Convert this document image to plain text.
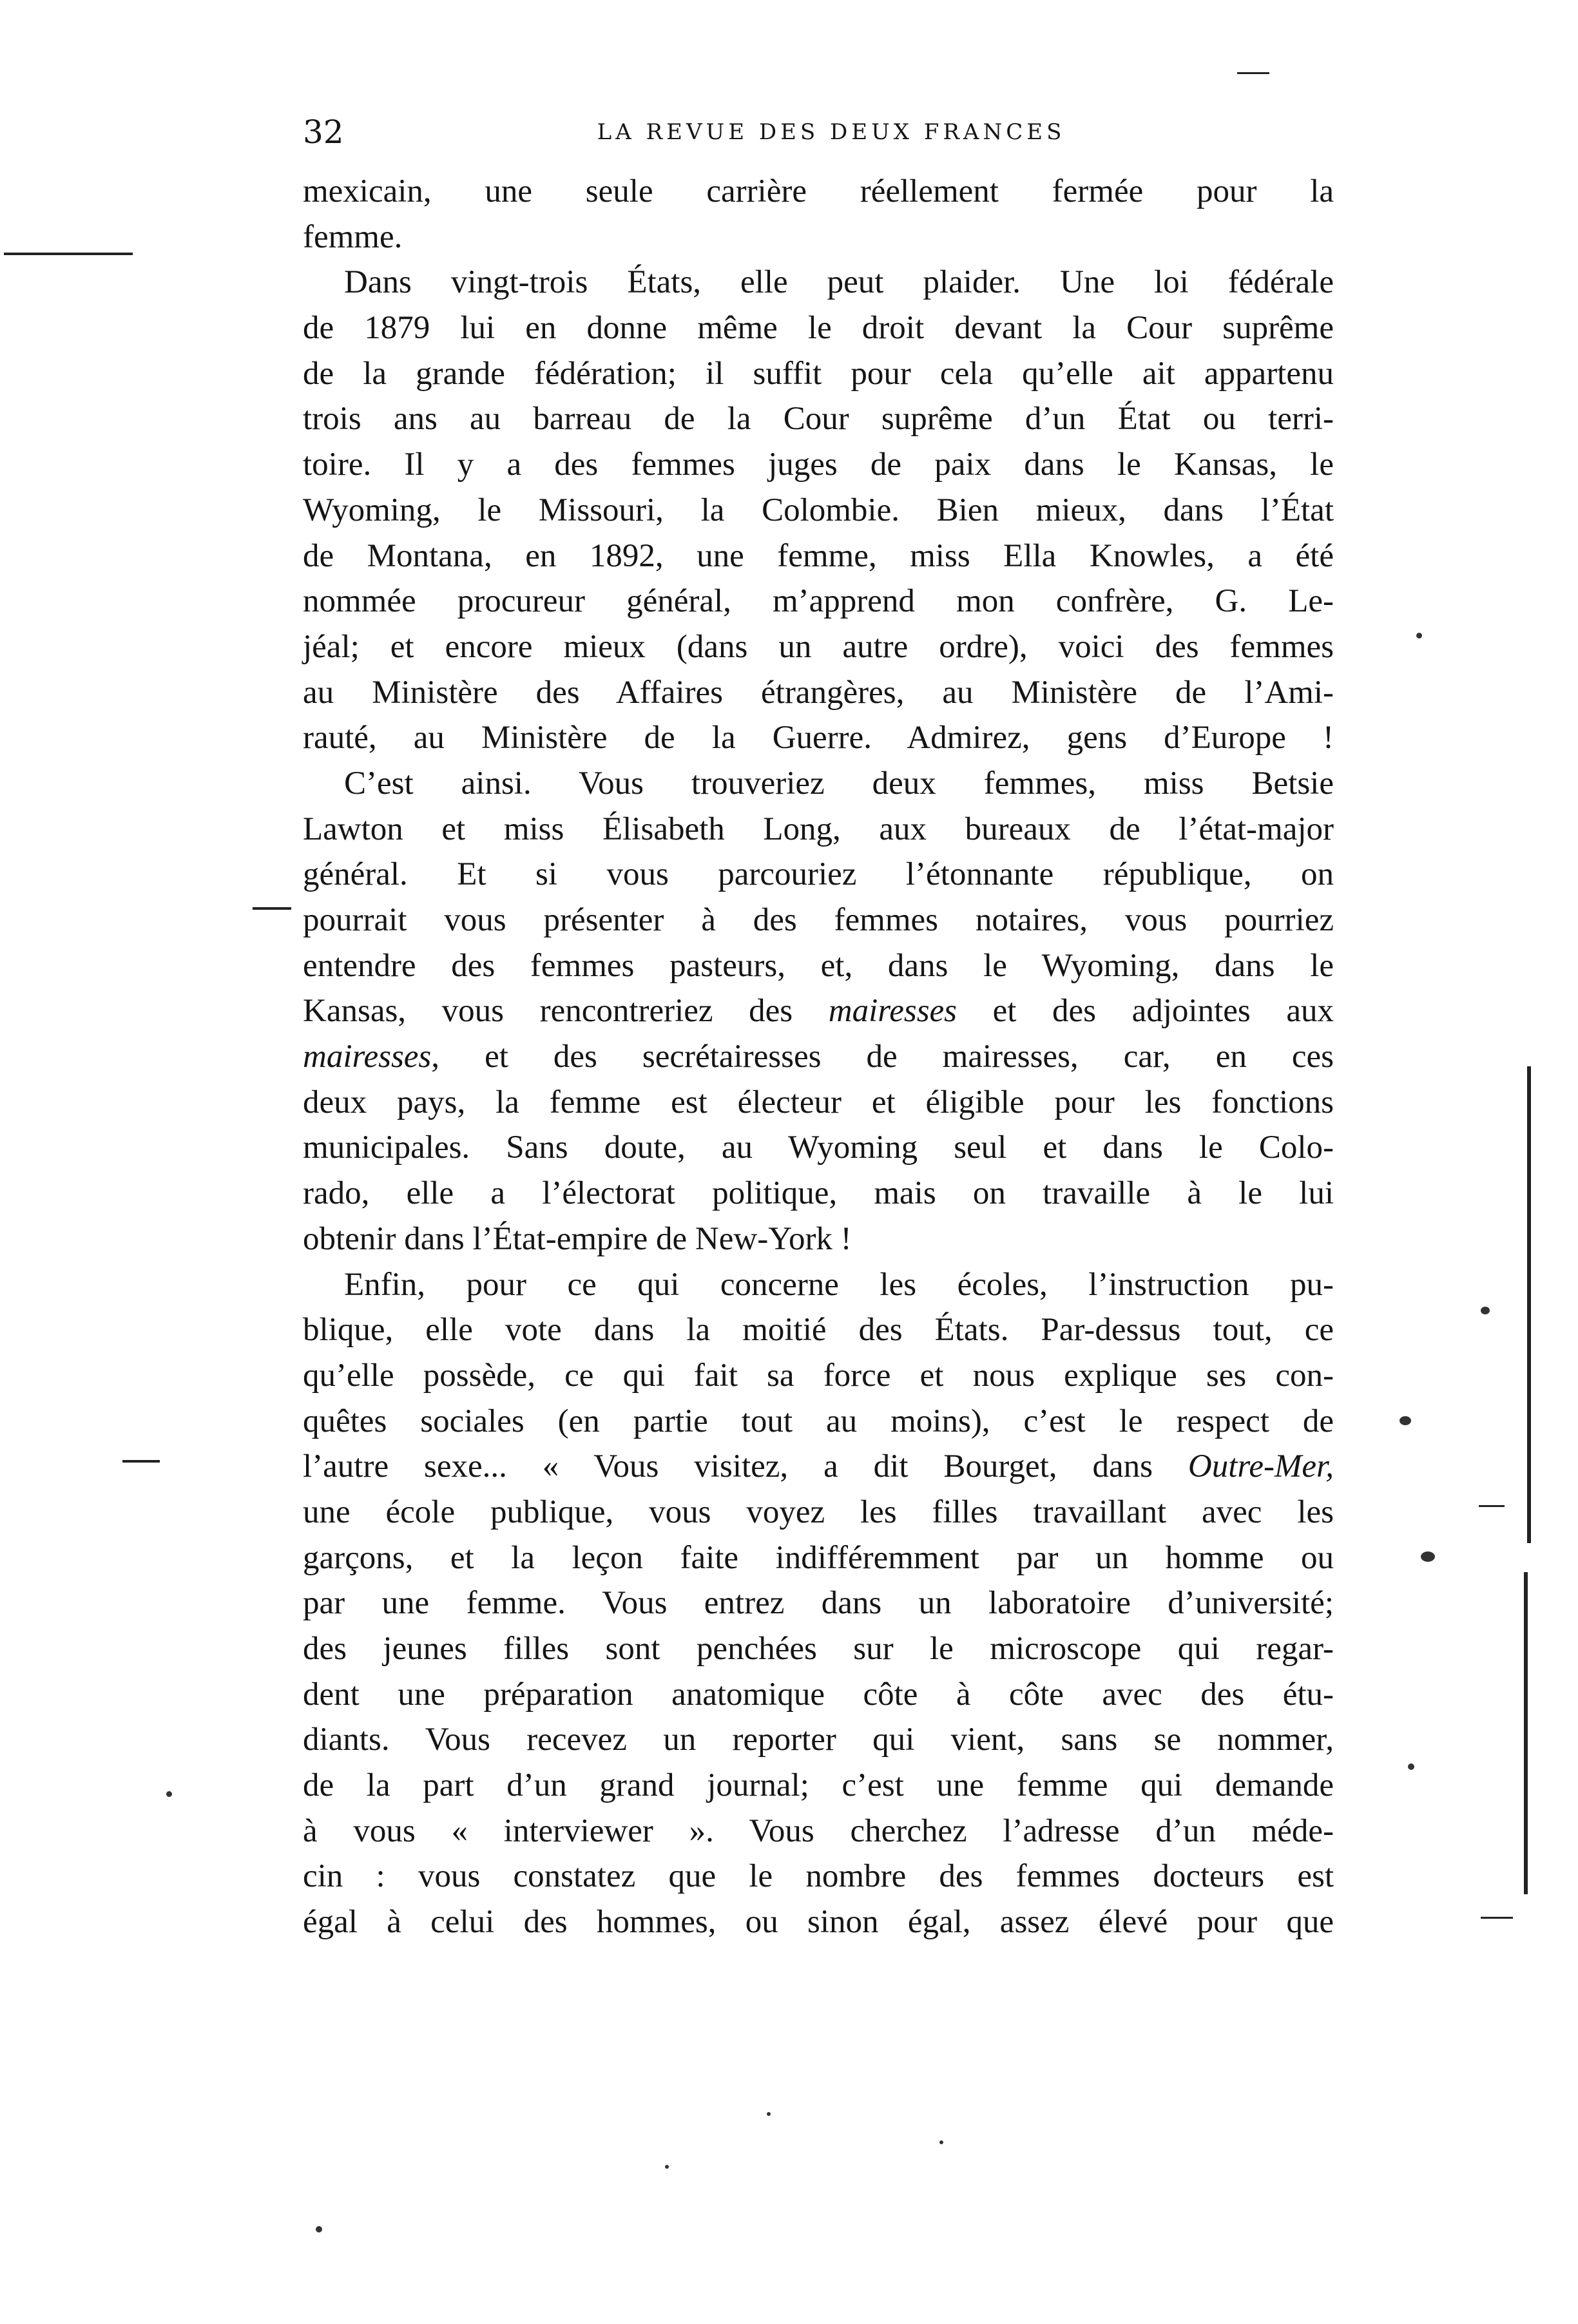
32	LA REVUE DES DEUX FRANCES
mexicain, une seule carrière réellement fermée pour la
femme.
Dans vingt-trois États, elle peut plaider. Une loi fédérale
de 1879 lui en donne même le droit devant la Cour suprême
de la grande fédération; il suffit pour cela qu’elle ait appartenu
trois ans au barreau de la Cour suprême d’un État ou terri-
toire. Il y a des femmes juges de paix dans le Kansas, le
Wyoming, le Missouri, la Colombie. Bien mieux, dans l’État
de Montana, en 1892, une femme, miss Ella Knowles, a été
nommée procureur général, m’apprend mon confrère, G. Le-
jéal; et encore mieux (dans un autre ordre), voici des femmes
au Ministère des Affaires étrangères, au Ministère de l’Ami-
rauté, au Ministère de la Guerre. Admirez, gens d’Europe !
C’est ainsi. Vous trouveriez deux femmes, miss Betsie
Lawton et miss Élisabeth Long, aux bureaux de l’état-major
général. Et si vous parcouriez l’étonnante république, on
pourrait vous présenter à des femmes notaires, vous pourriez
entendre des femmes pasteurs, et, dans le Wyoming, dans le
Kansas, vous rencontreriez des mairesses et des adjointes aux
mairesses, et des secrétairesses de mairesses, car, en ces
deux pays, la femme est électeur et éligible pour les fonctions
municipales. Sans doute, au Wyoming seul et dans le Colo-
rado, elle a l’électorat politique, mais on travaille à le lui
obtenir dans l’État-empire de New-York !
Enfin, pour ce qui concerne les écoles, l’instruction pu-
blique, elle vote dans la moitié des États. Par-dessus tout, ce
qu’elle possède, ce qui fait sa force et nous explique ses con-
quêtes sociales (en partie tout au moins), c’est le respect de
l’autre sexe... « Vous visitez, a dit Bourget, dans Outre-Mer,
une école publique, vous voyez les filles travaillant avec les
garçons, et la leçon faite indifféremment par un homme ou
par une femme. Vous entrez dans un laboratoire d’université;
des jeunes filles sont penchées sur le microscope qui regar-
dent une préparation anatomique côte à côte avec des étu-
diants. Vous recevez un reporter qui vient, sans se nommer,
de la part d’un grand journal; c’est une femme qui demande
à vous « interviewer ». Vous cherchez l’adresse d’un méde-
cin : vous constatez que le nombre des femmes docteurs est
égal à celui des hommes, ou sinon égal, assez élevé pour que
